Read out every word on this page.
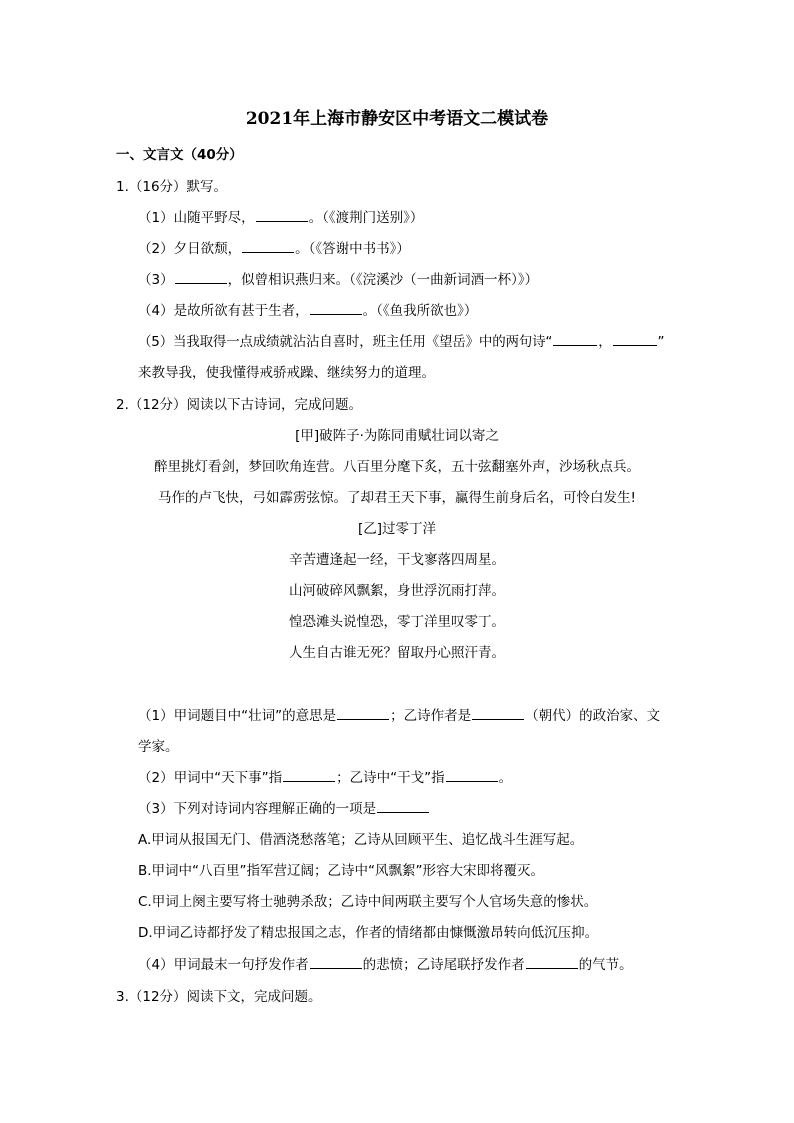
2021年上海市静安区中考语文二模试卷
一、文言文（40分）
1.（16分）默写。
（1）山随平野尽，	。（《渡荆门送别》）
（2）夕日欲颓，	。（《答谢中书书》）
（3）	，似曾相识燕归来。（《浣溪沙（一曲新词酒一杯）》）
（4）是故所欲有甚于生者，	。（《鱼我所欲也》）
（5）当我取得一点成绩就沾沾自喜时，班主任用《望岳》中的两句诗“	，	”
来教导我，使我懂得戒骄戒躁、继续努力的道理。
2.（12分）阅读以下古诗词，完成问题。
[甲]破阵子·为陈同甫赋壮词以寄之
醉里挑灯看剑，梦回吹角连营。八百里分麾下炙，五十弦翻塞外声，沙场秋点兵。
马作的卢飞快，弓如霹雳弦惊。了却君王天下事，赢得生前身后名，可怜白发生!
[乙]过零丁洋
辛苦遭逢起一经，干戈寥落四周星。
山河破碎风飘絮，身世浮沉雨打萍。
惶恐滩头说惶恐，零丁洋里叹零丁。
人生自古谁无死？留取丹心照汗青。
（1）甲词题目中“壮词”的意思是	；乙诗作者是	（朝代）的政治家、文
学家。
（2）甲词中“天下事”指	；乙诗中“干戈”指	。
（3）下列对诗词内容理解正确的一项是
A.甲词从报国无门、借酒浇愁落笔；乙诗从回顾平生、追忆战斗生涯写起。
B.甲词中“八百里”指军营辽阔；乙诗中“风飘絮”形容大宋即将覆灭。
C.甲词上阕主要写将士驰骋杀敌；乙诗中间两联主要写个人官场失意的惨状。
D.甲词乙诗都抒发了精忠报国之志，作者的情绪都由慷慨激昂转向低沉压抑。
（4）甲词最末一句抒发作者	的悲愤；乙诗尾联抒发作者	的气节。
3.（12分）阅读下文，完成问题。
